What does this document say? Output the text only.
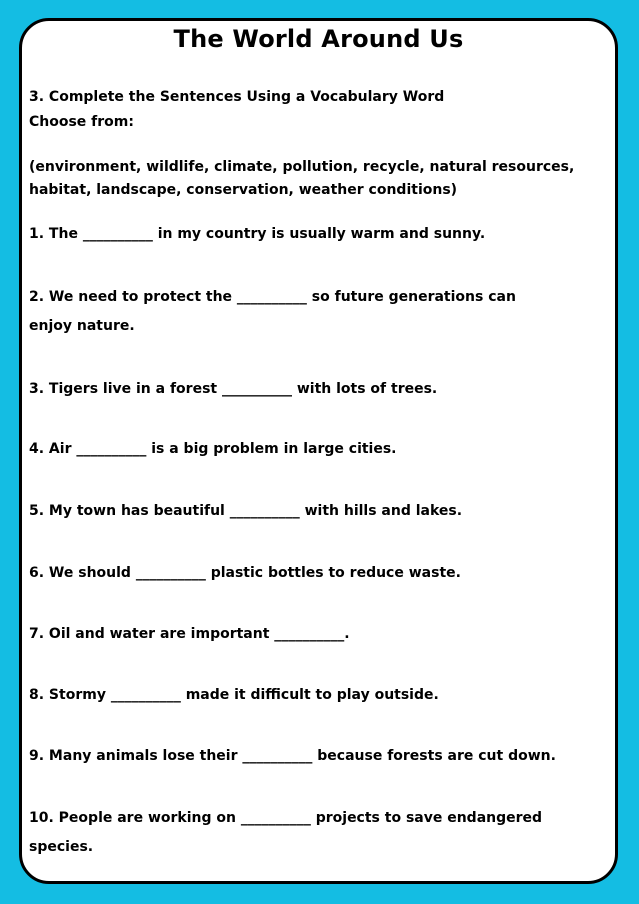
The World Around Us
3. Complete the Sentences Using a Vocabulary Word
Choose from:
(environment, wildlife, climate, pollution, recycle, natural resources,
habitat, landscape, conservation, weather conditions)
1. The __________ in my country is usually warm and sunny.
2. We need to protect the __________ so future generations can
enjoy nature.
3. Tigers live in a forest __________ with lots of trees.
4. Air __________ is a big problem in large cities.
5. My town has beautiful __________ with hills and lakes.
6. We should __________ plastic bottles to reduce waste.
7. Oil and water are important __________.
8. Stormy __________ made it difficult to play outside.
9. Many animals lose their __________ because forests are cut down.
10. People are working on __________ projects to save endangered
species.
